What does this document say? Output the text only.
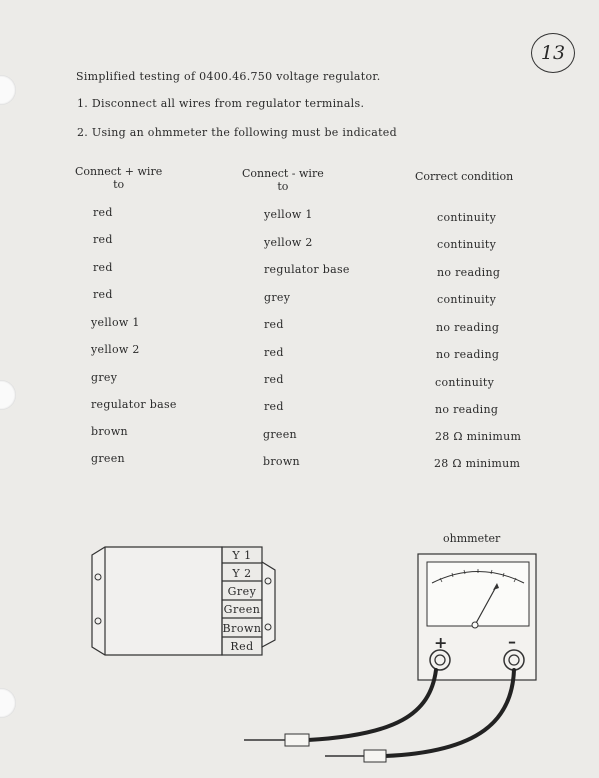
13
Simplified testing of 0400.46.750 voltage regulator.
1. Disconnect all wires from regulator terminals.
2. Using an ohmmeter the following must be indicated
Connect + wire
to
Connect - wire
to
Correct condition
red	yellow 1	continuity
red	yellow 2	continuity
red	regulator base	no reading
red	grey	continuity
yellow 1	red	no reading
yellow 2	red	no reading
grey	red	continuity
regulator base	red	no reading
brown	green	28 Ω minimum
green	brown	28 Ω minimum
Y 1
Y 2
Grey
Green
Brown
Red
ohmmeter
+	–
